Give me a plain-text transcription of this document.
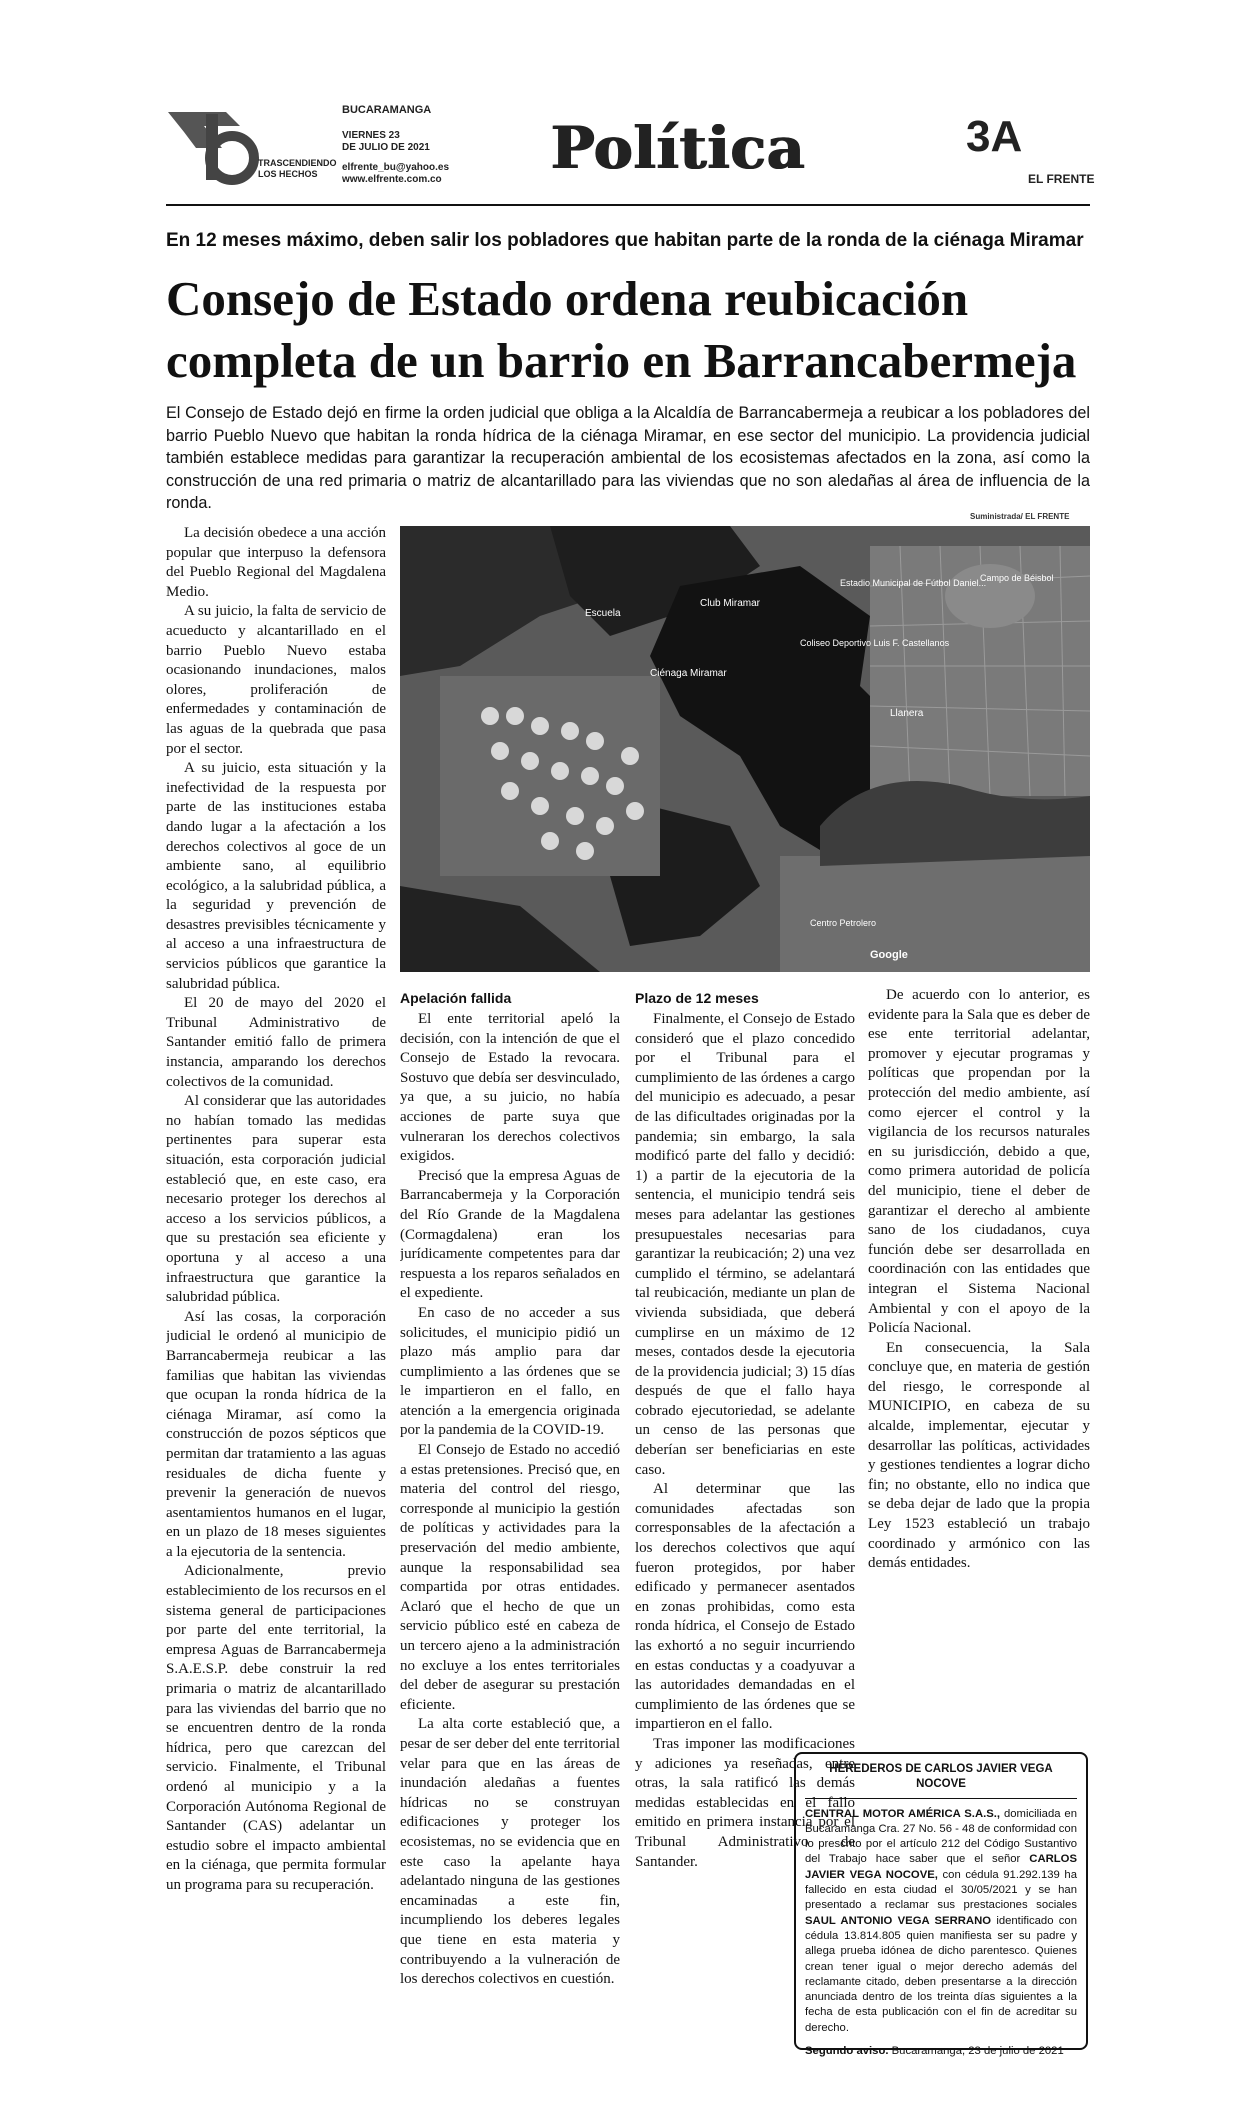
TRASCENDIENDO
LOS HECHOS
BUCARAMANGA
VIERNES 23
DE JULIO DE 2021
elfrente_bu@yahoo.es
www.elfrente.com.co Política	3A
EL FRENTE
En 12 meses máximo, deben salir los pobladores que habitan parte de la ronda de la ciénaga Miramar
Consejo de Estado ordena reubicación
completa de un barrio en Barrancabermeja
El Consejo de Estado dejó en firme la orden judicial que obliga a la Alcaldía de Barrancabermeja a reubicar a los pobladores del barrio Pueblo Nuevo que habitan la ronda hídrica de la ciénaga Miramar, en ese sector del municipio. La providencia judicial también establece medidas para garantizar la recuperación ambiental de los ecosistemas afectados en la zona, así como la construcción de una red primaria o matriz de alcantarillado para las viviendas que no son aledañas al área de influencia de la ronda.
Suministrada/ EL FRENTE
Escuela
Club Miramar
Estadio Municipal de Fútbol Daniel...
Campo de Béisbol
Ciénaga Miramar
Coliseo Deportivo Luis F. Castellanos
Llanera
Centro Petrolero
Google

La decisión obedece a una acción popular que interpuso la defensora del Pueblo Regional del Magdalena Medio.

A su juicio, la falta de servicio de acueducto y alcantarillado en el barrio Pueblo Nuevo estaba ocasionando inundaciones, malos olores, proliferación de enfermedades y contaminación de las aguas de la quebrada que pasa por el sector.

A su juicio, esta situación y la inefectividad de la respuesta por parte de las instituciones estaba dando lugar a la afectación a los derechos colectivos al goce de un ambiente sano, al equilibrio ecológico, a la salubridad pública, a la seguridad y prevención de desastres previsibles técnicamente y al acceso a una infraestructura de servicios públicos que garantice la salubridad pública.

El 20 de mayo del 2020 el Tribunal Administrativo de Santander emitió fallo de primera instancia, amparando los derechos colectivos de la comunidad.

Al considerar que las autoridades no habían tomado las medidas pertinentes para superar esta situación, esta corporación judicial estableció que, en este caso, era necesario proteger los derechos al acceso a los servicios públicos, a que su prestación sea eficiente y oportuna y al acceso a una infraestructura que garantice la salubridad pública.

Así las cosas, la corporación judicial le ordenó al municipio de Barrancabermeja reubicar a las familias que habitan las viviendas que ocupan la ronda hídrica de la ciénaga Miramar, así como la construcción de pozos sépticos que permitan dar tratamiento a las aguas residuales de dicha fuente y prevenir la generación de nuevos asentamientos humanos en el lugar, en un plazo de 18 meses siguientes a la ejecutoria de la sentencia.

Adicionalmente, previo establecimiento de los recursos en el sistema general de participaciones por parte del ente territorial, la empresa Aguas de Barrancabermeja S.A.E.S.P. debe construir la red primaria o matriz de alcantarillado para las viviendas del barrio que no se encuentren dentro de la ronda hídrica, pero que carezcan del servicio. Finalmente, el Tribunal ordenó al municipio y a la Corporación Autónoma Regional de Santander (CAS) adelantar un estudio sobre el impacto ambiental en la ciénaga, que permita formular un programa para su recuperación.

Apelación fallida

El ente territorial apeló la decisión, con la intención de que el Consejo de Estado la revocara. Sostuvo que debía ser desvinculado, ya que, a su juicio, no había acciones de parte suya que vulneraran los derechos colectivos exigidos.

Precisó que la empresa Aguas de Barrancabermeja y la Corporación del Río Grande de la Magdalena (Cormagdalena) eran los jurídicamente competentes para dar respuesta a los reparos señalados en el expediente.

En caso de no acceder a sus solicitudes, el municipio pidió un plazo más amplio para dar cumplimiento a las órdenes que se le impartieron en el fallo, en atención a la emergencia originada por la pandemia de la COVID-19.

El Consejo de Estado no accedió a estas pretensiones. Precisó que, en materia del control del riesgo, corresponde al municipio la gestión de políticas y actividades para la preservación del medio ambiente, aunque la responsabilidad sea compartida por otras entidades. Aclaró que el hecho de que un servicio público esté en cabeza de un tercero ajeno a la administración no excluye a los entes territoriales del deber de asegurar su prestación eficiente.

La alta corte estableció que, a pesar de ser deber del ente territorial velar para que en las áreas de inundación aledañas a fuentes hídricas no se construyan edificaciones y proteger los ecosistemas, no se evidencia que en este caso la apelante haya adelantado ninguna de las gestiones encaminadas a este fin, incumpliendo los deberes legales que tiene en esta materia y contribuyendo a la vulneración de los derechos colectivos en cuestión.

Plazo de 12 meses

Finalmente, el Consejo de Estado consideró que el plazo concedido por el Tribunal para el cumplimiento de las órdenes a cargo del municipio es adecuado, a pesar de las dificultades originadas por la pandemia; sin embargo, la sala modificó parte del fallo y decidió: 1) a partir de la ejecutoria de la sentencia, el municipio tendrá seis meses para adelantar las gestiones presupuestales necesarias para garantizar la reubicación; 2) una vez cumplido el término, se adelantará tal reubicación, mediante un plan de vivienda subsidiada, que deberá cumplirse en un máximo de 12 meses, contados desde la ejecutoria de la providencia judicial; 3) 15 días después de que el fallo haya cobrado ejecutoriedad, se adelante un censo de las personas que deberían ser beneficiarias en este caso.

Al determinar que las comunidades afectadas son corresponsables de la afectación a los derechos colectivos que aquí fueron protegidos, por haber edificado y permanecer asentados en zonas prohibidas, como esta ronda hídrica, el Consejo de Estado las exhortó a no seguir incurriendo en estas conductas y a coadyuvar a las autoridades demandadas en el cumplimiento de las órdenes que se impartieron en el fallo.

Tras imponer las modificaciones y adiciones ya reseñadas, entre otras, la sala ratificó las demás medidas establecidas en el fallo emitido en primera instancia por el Tribunal Administrativo de Santander.

De acuerdo con lo anterior, es evidente para la Sala que es deber de ese ente territorial adelantar, promover y ejecutar programas y políticas que propendan por la protección del medio ambiente, así como ejercer el control y la vigilancia de los recursos naturales en su jurisdicción, debido a que, como primera autoridad de policía del municipio, tiene el deber de garantizar el derecho al ambiente sano de los ciudadanos, cuya función debe ser desarrollada en coordinación con las entidades que integran el Sistema Nacional Ambiental y con el apoyo de la Policía Nacional.

En consecuencia, la Sala concluye que, en materia de gestión del riesgo, le corresponde al MUNICIPIO, en cabeza de su alcalde, implementar, ejecutar y desarrollar las políticas, actividades y gestiones tendientes a lograr dicho fin; no obstante, ello no indica que se deba dejar de lado que la propia Ley 1523 estableció un trabajo coordinado y armónico con las demás entidades.

HEREDEROS DE CARLOS JAVIER VEGA NOCOVE
CENTRAL MOTOR AMÉRICA S.A.S., domiciliada en Bucaramanga Cra. 27 No. 56 - 48 de conformidad con lo prescrito por el artículo 212 del Código Sustantivo del Trabajo hace saber que el señor CARLOS JAVIER VEGA NOCOVE, con cédula 91.292.139 ha fallecido en esta ciudad el 30/05/2021 y se han presentado a reclamar sus prestaciones sociales SAUL ANTONIO VEGA SERRANO identificado con cédula 13.814.805 quien manifiesta ser su padre y allega prueba idónea de dicho parentesco. Quienes crean tener igual o mejor derecho además del reclamante citado, deben presentarse a la dirección anunciada dentro de los treinta días siguientes a la fecha de esta publicación con el fin de acreditar su derecho.
Segundo aviso. Bucaramanga, 23 de julio de 2021
